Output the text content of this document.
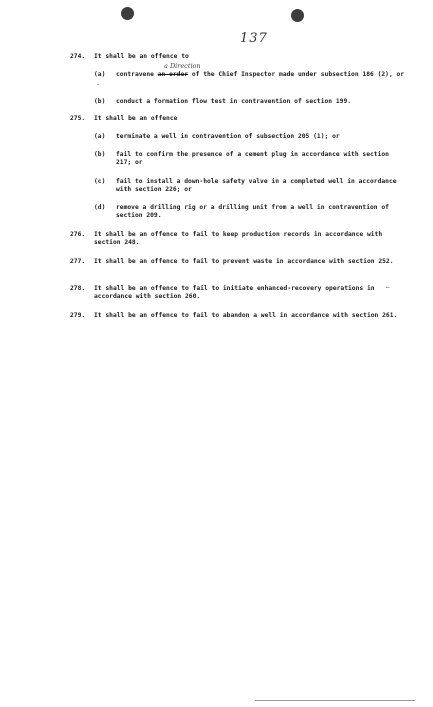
137
274. It shall be an offence to
a Direction
(a) contravene an order of the Chief Inspector made under subsection 186 (2), or
-
(b) conduct a formation flow test in contravention of section 199.
275. It shall be an offence
(a) terminate a well in contravention of subsection 205 (1); or
(b) fail to confirm the presence of a cement plug in accordance with section 217; or
(c) fail to install a down-hole safety valve in a completed well in accordance with section 226; or
(d) remove a drilling rig or a drilling unit from a well in contravention of section 209.
276. It shall be an offence to fail to keep production records in accordance with section 248.
277. It shall be an offence to fail to prevent waste in accordance with section 252.
278. It shall be an offence to fail to initiate enhanced-recovery operations in accordance with section 260.
←
279. It shall be an offence to fail to abandon a well in accordance with section 261.
